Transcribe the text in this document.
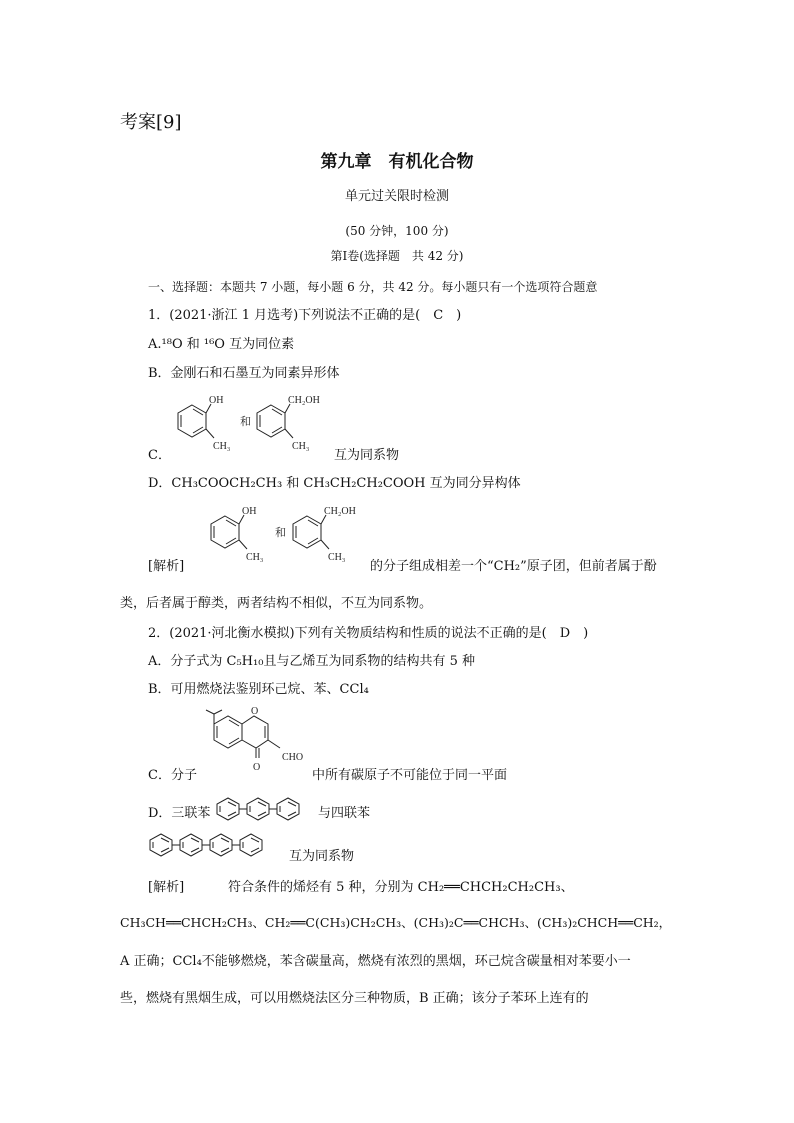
考案[9]
第九章　有机化合物
单元过关限时检测
(50 分钟，100 分)
第Ⅰ卷(选择题　共 42 分)
一、选择题：本题共 7 小题，每小题 6 分，共 42 分。每小题只有一个选项符合题意
1．(2021·浙江 1 月选考)下列说法不正确的是(　C　)
A.¹⁸O 和 ¹⁶O 互为同位素
B．金刚石和石墨互为同素异形体
OH
CH₃
和
CH₂OH
CH₃
C．	互为同系物
D．CH₃COOCH₂CH₃ 和 CH₃CH₂CH₂COOH 互为同分异构体
OH
CH₃
和
CH₂OH
CH₃
[解析]	的分子组成相差一个“CH₂”原子团，但前者属于酚
类，后者属于醇类，两者结构不相似，不互为同系物。
2．(2021·河北衡水模拟)下列有关物质结构和性质的说法不正确的是(　D　)
A．分子式为 C₅H₁₀且与乙烯互为同系物的结构共有 5 种
B．可用燃烧法鉴别环己烷、苯、CCl₄
O
O
CHO
C．分子	中所有碳原子不可能位于同一平面
D．三联苯	与四联苯
互为同系物
[解析]	符合条件的烯烃有 5 种，分别为 CH₂══CHCH₂CH₂CH₃、
CH₃CH══CHCH₂CH₃、CH₂══C(CH₃)CH₂CH₃、(CH₃)₂C══CHCH₃、(CH₃)₂CHCH══CH₂，
A 正确；CCl₄不能够燃烧，苯含碳量高，燃烧有浓烈的黑烟，环己烷含碳量相对苯要小一
些，燃烧有黑烟生成，可以用燃烧法区分三种物质，B 正确；该分子苯环上连有的
